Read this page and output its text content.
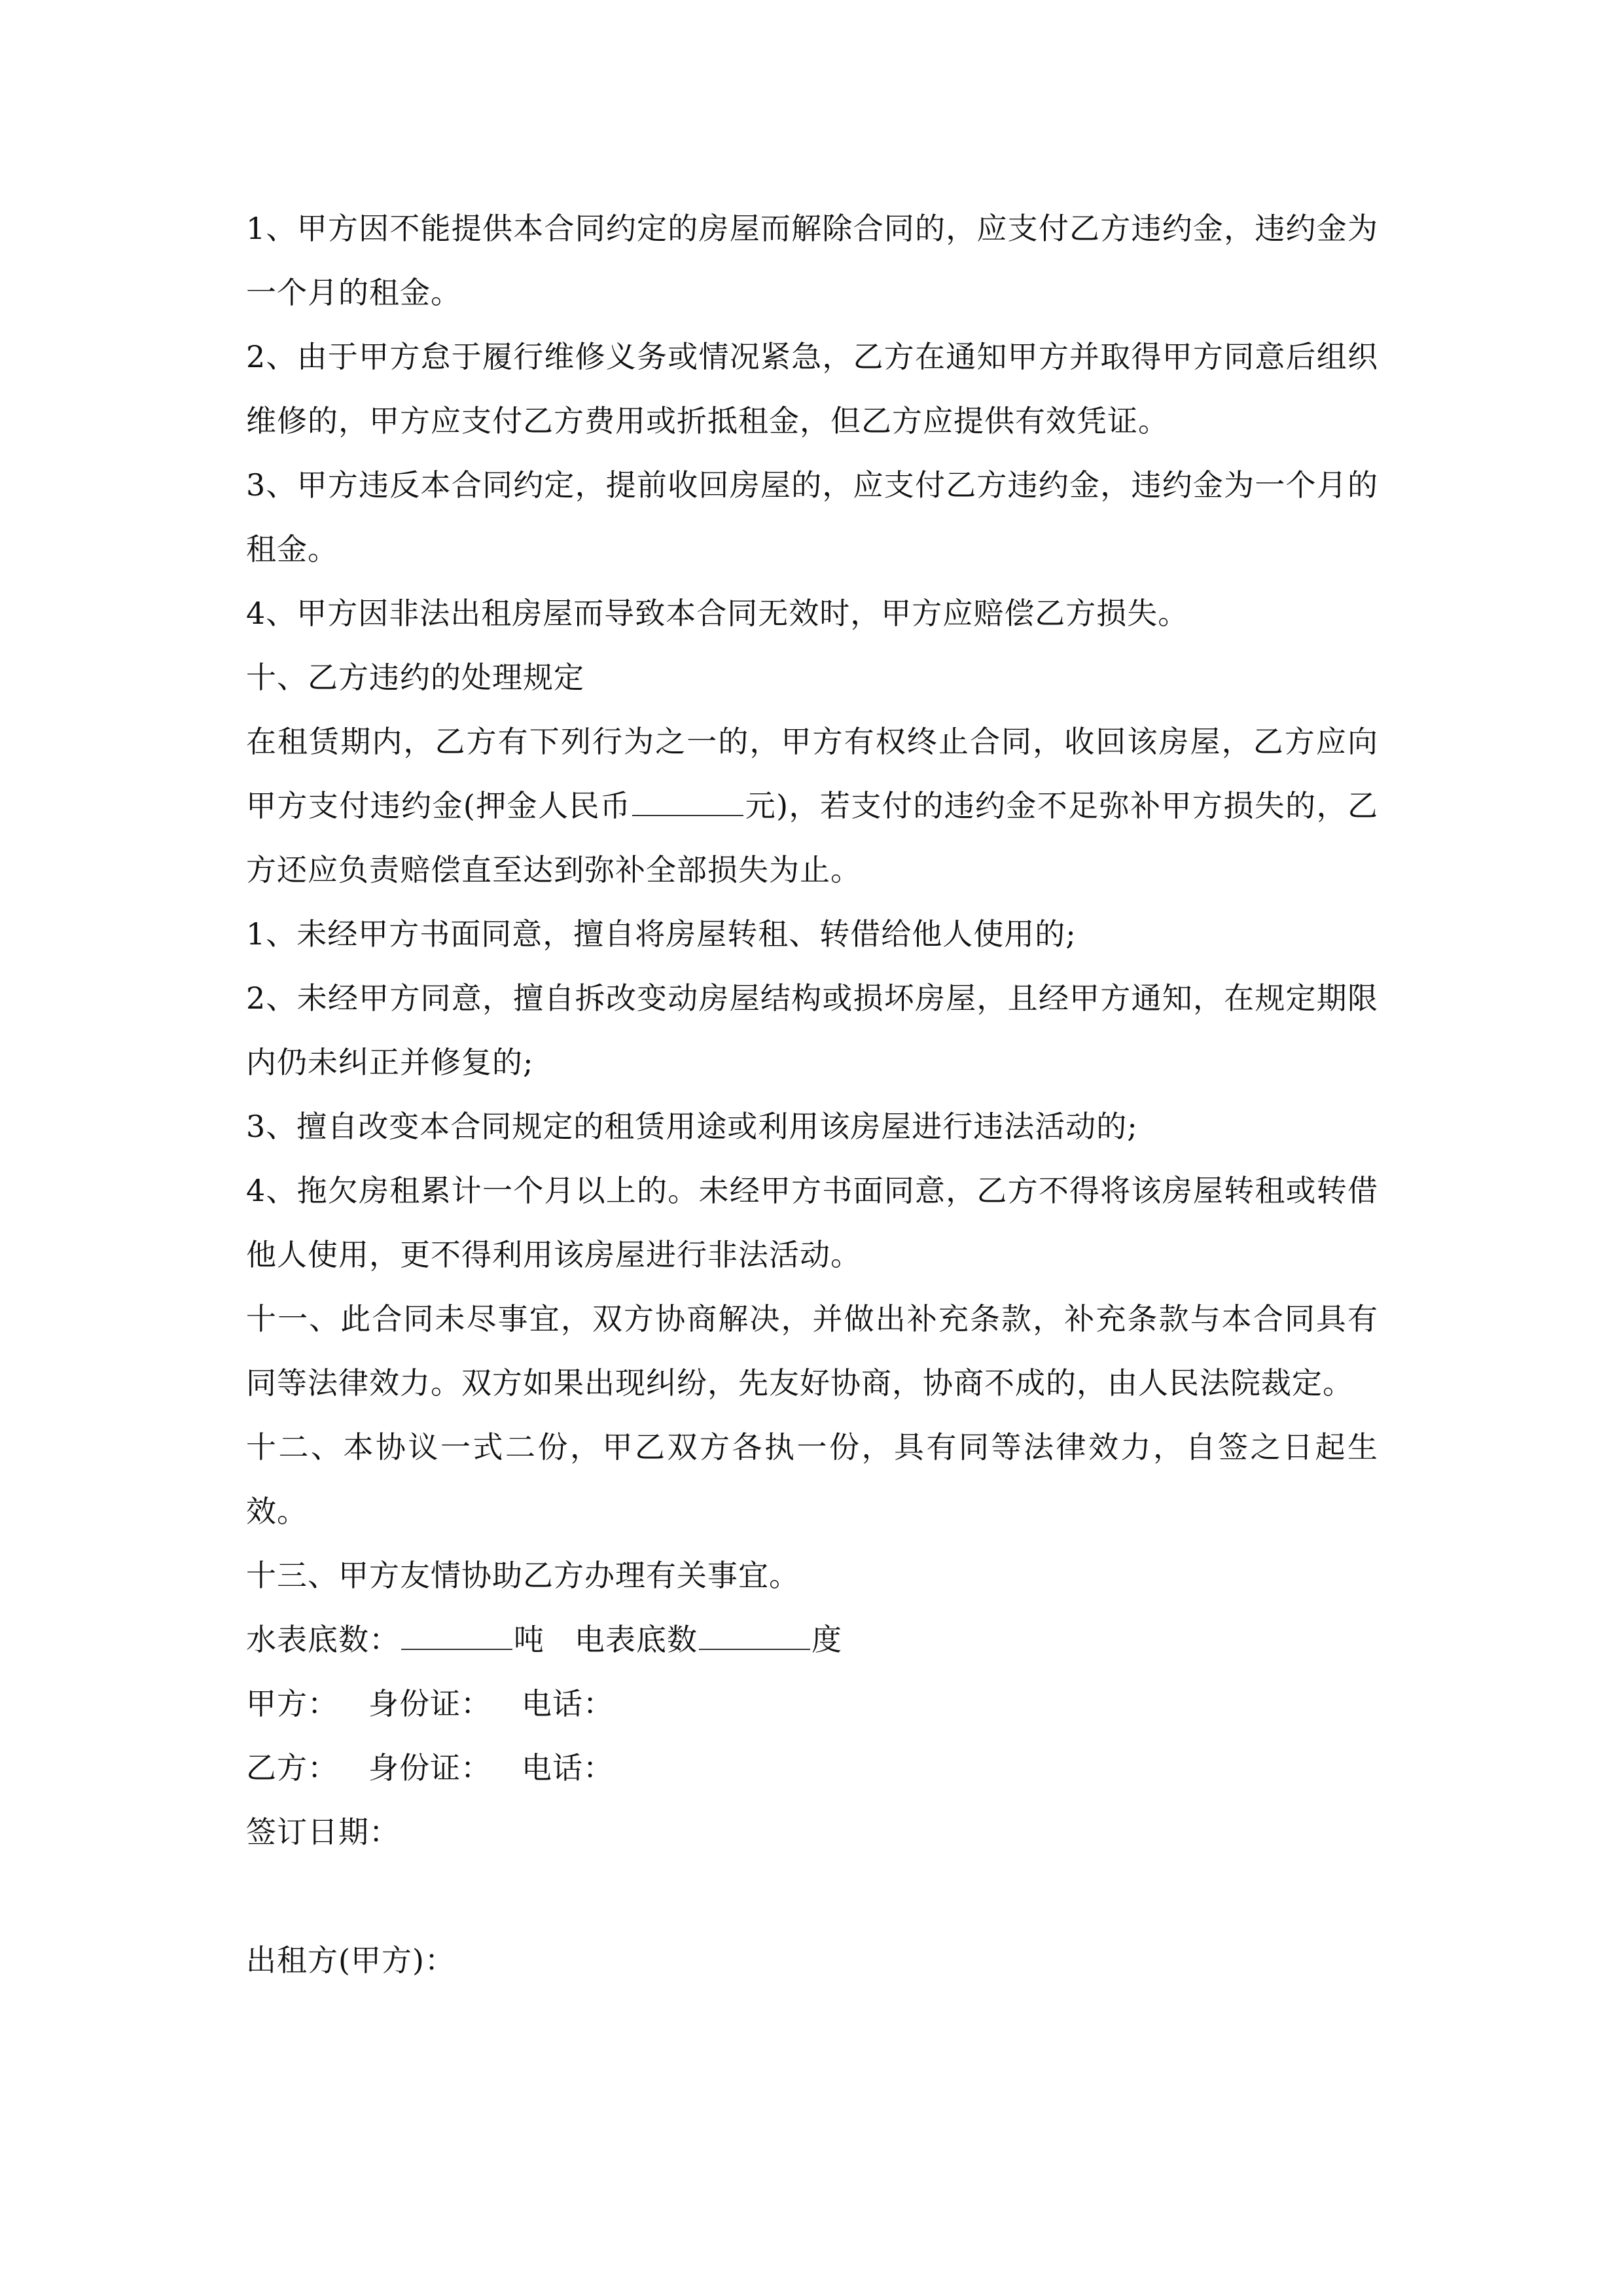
1、甲方因不能提供本合同约定的房屋而解除合同的，应支付乙方违约金，违约金为一个月的租金。

2、由于甲方怠于履行维修义务或情况紧急，乙方在通知甲方并取得甲方同意后组织维修的，甲方应支付乙方费用或折抵租金，但乙方应提供有效凭证。

3、甲方违反本合同约定，提前收回房屋的，应支付乙方违约金，违约金为一个月的租金。

4、甲方因非法出租房屋而导致本合同无效时，甲方应赔偿乙方损失。

十、乙方违约的处理规定

在租赁期内，乙方有下列行为之一的，甲方有权终止合同，收回该房屋，乙方应向甲方支付违约金(押金人民币	元)，若支付的违约金不足弥补甲方损失的，乙方还应负责赔偿直至达到弥补全部损失为止。

1、未经甲方书面同意，擅自将房屋转租、转借给他人使用的;

2、未经甲方同意，擅自拆改变动房屋结构或损坏房屋，且经甲方通知，在规定期限内仍未纠正并修复的;

3、擅自改变本合同规定的租赁用途或利用该房屋进行违法活动的;

4、拖欠房租累计一个月以上的。未经甲方书面同意，乙方不得将该房屋转租或转借他人使用，更不得利用该房屋进行非法活动。

十一、此合同未尽事宜，双方协商解决，并做出补充条款，补充条款与本合同具有同等法律效力。双方如果出现纠纷，先友好协商，协商不成的，由人民法院裁定。

十二、本协议一式二份，甲乙双方各执一份，具有同等法律效力，自签之日起生效。

十三、甲方友情协助乙方办理有关事宜。

水表底数：	吨 电表底数	度

甲方： 身份证： 电话：

乙方： 身份证： 电话：

签订日期：

出租方(甲方)：
